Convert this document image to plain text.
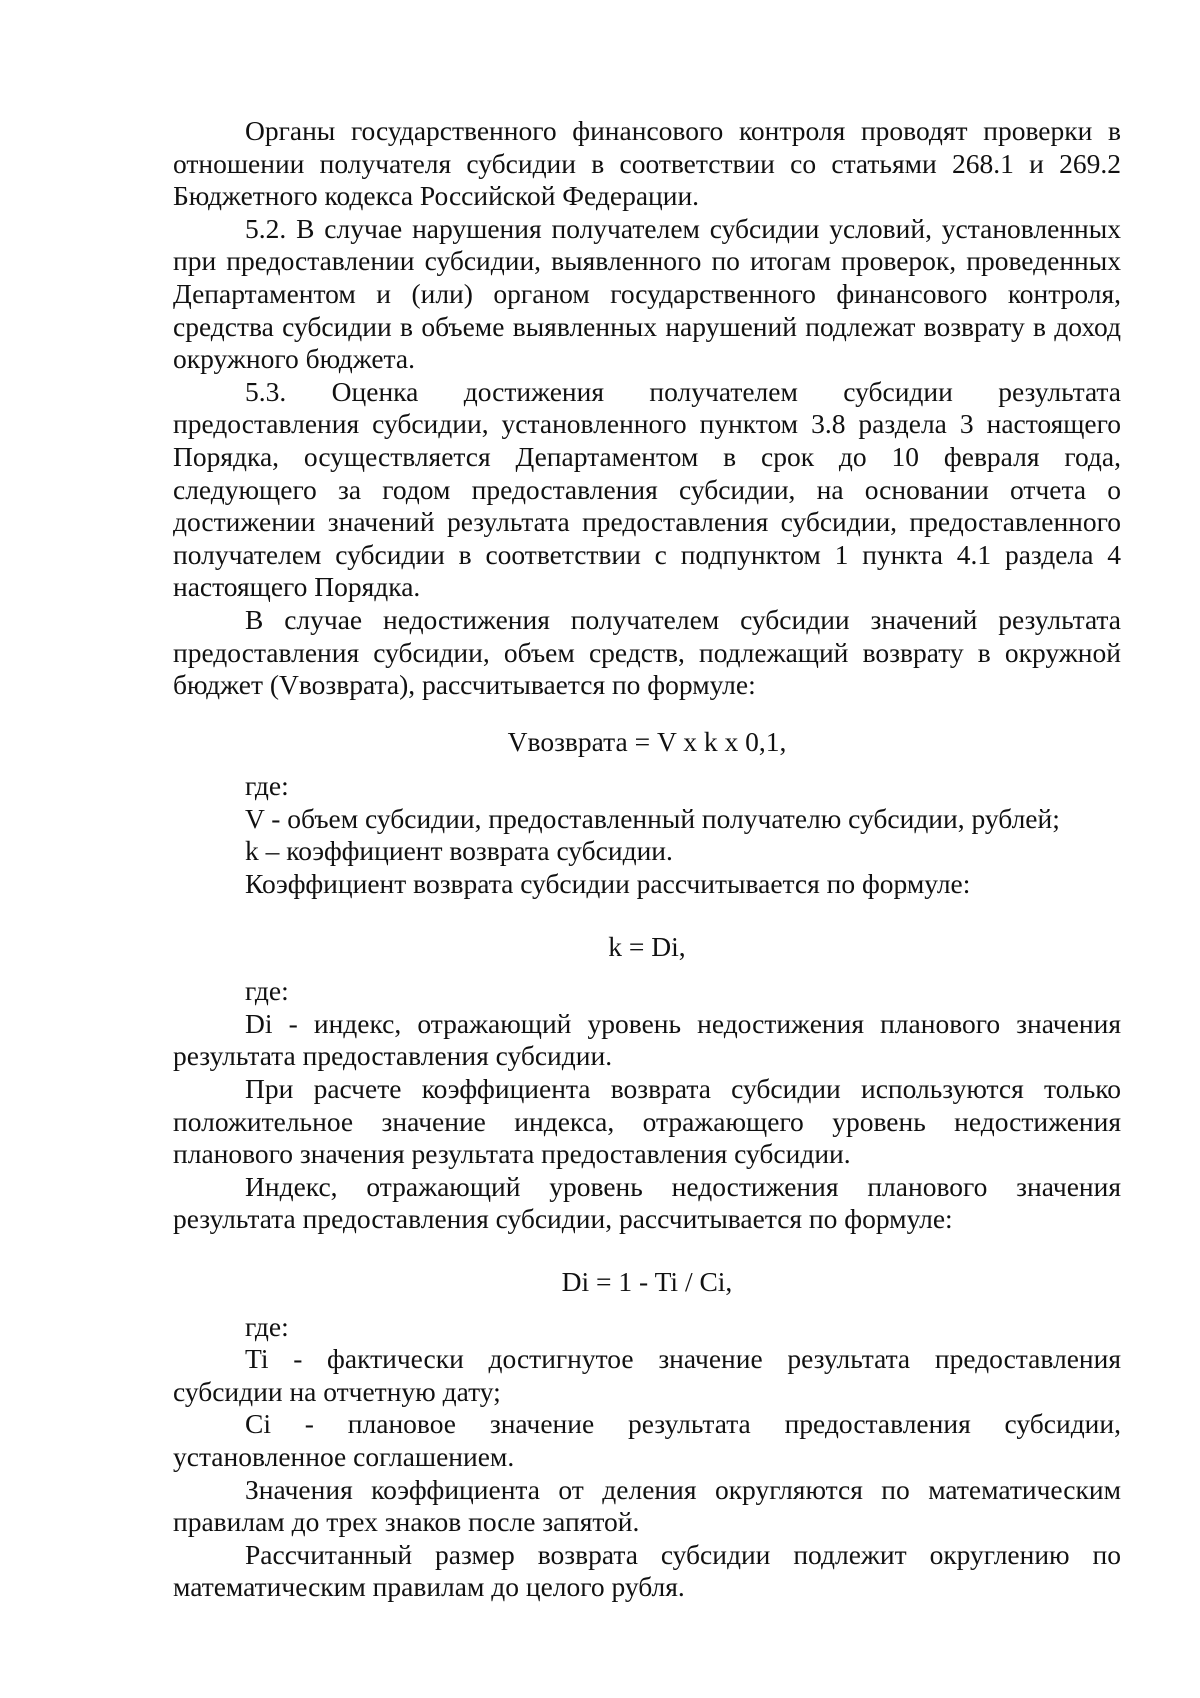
Органы государственного финансового контроля проводят проверки в отношении получателя субсидии в соответствии со статьями 268.1 и 269.2 Бюджетного кодекса Российской Федерации.

5.2. В случае нарушения получателем субсидии условий, установленных при предоставлении субсидии, выявленного по итогам проверок, проведенных Департаментом и (или) органом государственного финансового контроля, средства субсидии в объеме выявленных нарушений подлежат возврату в доход окружного бюджета.

5.3. Оценка достижения получателем субсидии результата предоставления субсидии, установленного пунктом 3.8 раздела 3 настоящего Порядка, осуществляется Департаментом в срок до 10 февраля года, следующего за годом предоставления субсидии, на основании отчета о достижении значений результата предоставления субсидии, предоставленного получателем субсидии в соответствии с подпунктом 1 пункта 4.1 раздела 4 настоящего Порядка.

В случае недостижения получателем субсидии значений результата предоставления субсидии, объем средств, подлежащий возврату в окружной бюджет (Vвозврата), рассчитывается по формуле:

Vвозврата = V x k x 0,1,

где:

V - объем субсидии, предоставленный получателю субсидии, рублей;

k – коэффициент возврата субсидии.

Коэффициент возврата субсидии рассчитывается по формуле:

k = Di,

где:

Di - индекс, отражающий уровень недостижения планового значения результата предоставления субсидии.

При расчете коэффициента возврата субсидии используются только положительное значение индекса, отражающего уровень недостижения планового значения результата предоставления субсидии.

Индекс, отражающий уровень недостижения планового значения результата предоставления субсидии, рассчитывается по формуле:

Di = 1 - Ti / Ci,

где:

Ti - фактически достигнутое значение результата предоставления субсидии на отчетную дату;

Ci - плановое значение результата предоставления субсидии, установленное соглашением.

Значения коэффициента от деления округляются по математическим правилам до трех знаков после запятой.

Рассчитанный размер возврата субсидии подлежит округлению по математическим правилам до целого рубля.
